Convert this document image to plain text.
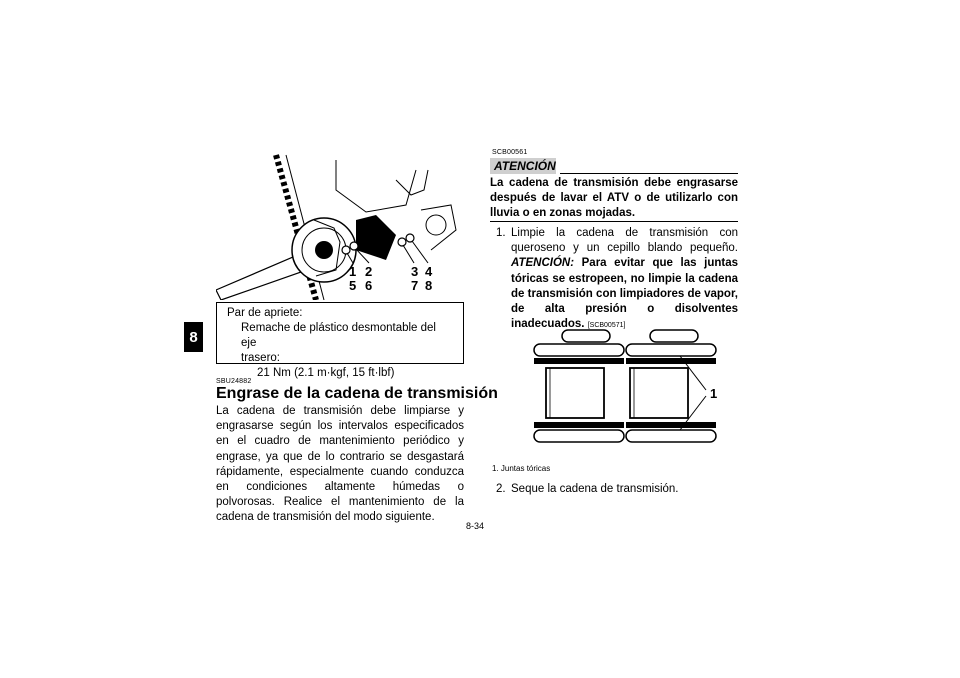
8
1 2	3 4
5 6	7 8
Par de apriete:
Remache de plástico desmontable del eje
trasero:
21 Nm (2.1 m·kgf, 15 ft·lbf)
SBU24882
Engrase de la cadena de transmisión
La cadena de transmisión debe limpiarse y engrasarse según los intervalos especificados en el cuadro de mantenimiento periódico y engrase, ya que de lo contrario se desgastará rápidamente, especialmente cuando conduzca en condiciones altamente húmedas o polvorosas. Realice el mantenimiento de la cadena de transmisión del modo siguiente.
SCB00561
ATENCIÓN
La cadena de transmisión debe engrasarse después de lavar el ATV o de utilizarlo con lluvia o en zonas mojadas.
1. Limpie la cadena de transmisión con queroseno y un cepillo blando pequeño. ATENCIÓN: Para evitar que las juntas tóricas se estropeen, no limpie la cadena de transmisión con limpiadores de vapor, de alta presión o disolventes inadecuados. [SCB00571]
1
1. Juntas tóricas
2. Seque la cadena de transmisión.
8-34
